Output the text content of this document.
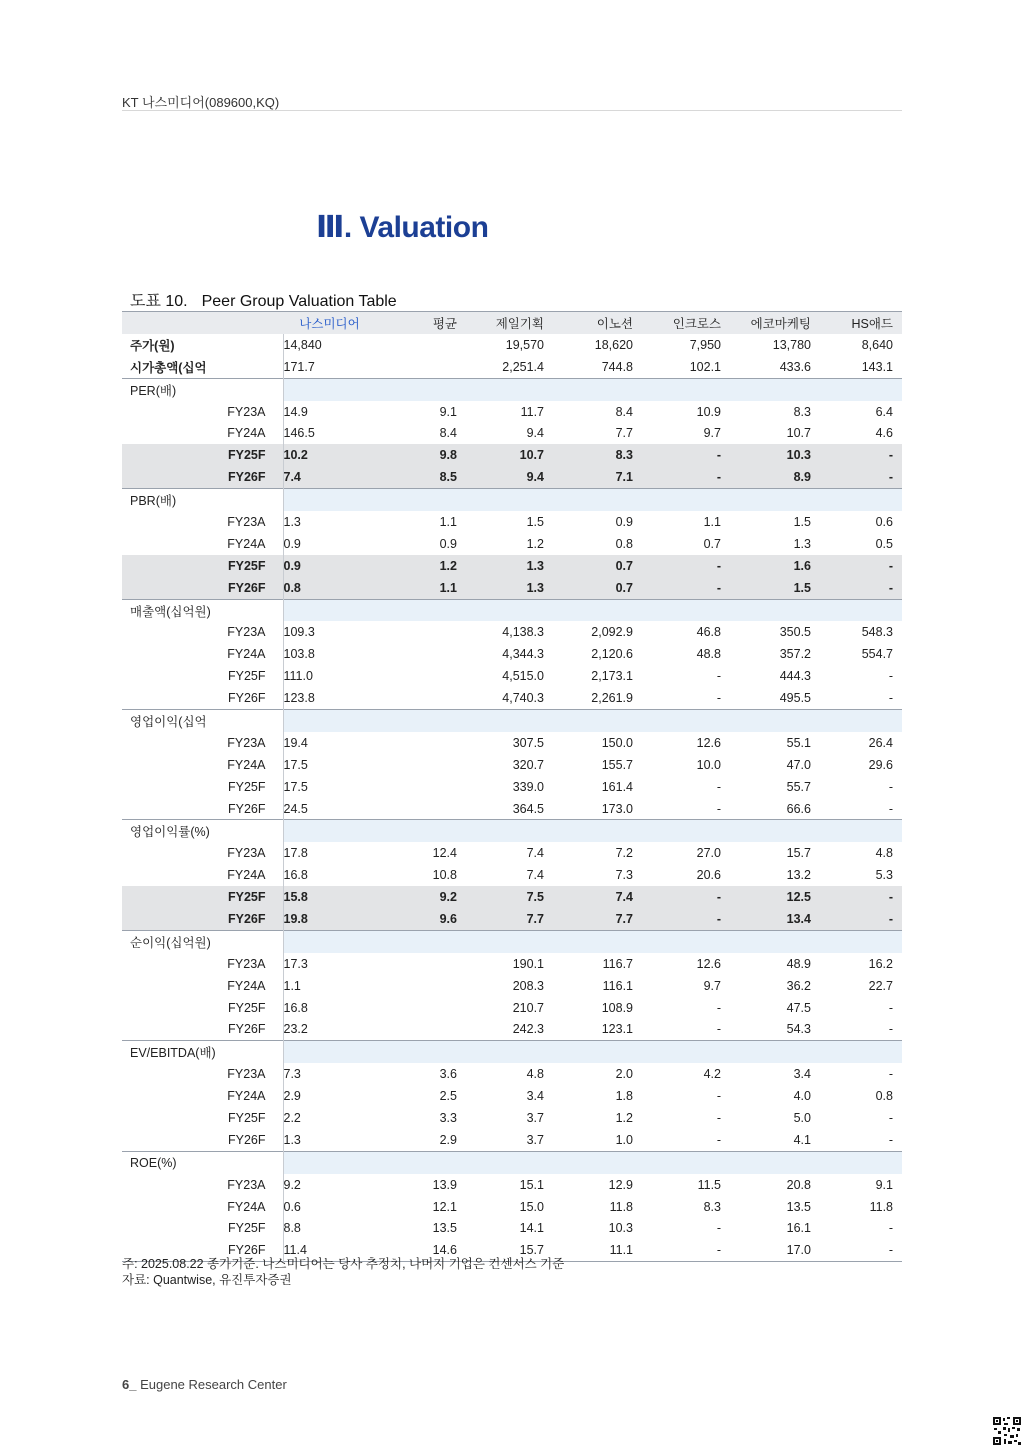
KT 나스미디어(089600,KQ)
Ⅲ. Valuation
도표 10. Peer Group Valuation Table
	나스미디어	평균	제일기획	이노션	인크로스	에코마케팅	HS애드
주가(원)	14,840		19,570	18,620	7,950	13,780	8,640
시가총액(십억	171.7		2,251.4	744.8	102.1	433.6	143.1
PER(배)							
FY23A	14.9	9.1	11.7	8.4	10.9	8.3	6.4
FY24A	146.5	8.4	9.4	7.7	9.7	10.7	4.6
FY25F	10.2	9.8	10.7	8.3	-	10.3	-
FY26F	7.4	8.5	9.4	7.1	-	8.9	-
PBR(배)							
FY23A	1.3	1.1	1.5	0.9	1.1	1.5	0.6
FY24A	0.9	0.9	1.2	0.8	0.7	1.3	0.5
FY25F	0.9	1.2	1.3	0.7	-	1.6	-
FY26F	0.8	1.1	1.3	0.7	-	1.5	-
매출액(십억원)							
FY23A	109.3		4,138.3	2,092.9	46.8	350.5	548.3
FY24A	103.8		4,344.3	2,120.6	48.8	357.2	554.7
FY25F	111.0		4,515.0	2,173.1	-	444.3	-
FY26F	123.8		4,740.3	2,261.9	-	495.5	-
영업이익(십억							
FY23A	19.4		307.5	150.0	12.6	55.1	26.4
FY24A	17.5		320.7	155.7	10.0	47.0	29.6
FY25F	17.5		339.0	161.4	-	55.7	-
FY26F	24.5		364.5	173.0	-	66.6	-
영업이익률(%)							
FY23A	17.8	12.4	7.4	7.2	27.0	15.7	4.8
FY24A	16.8	10.8	7.4	7.3	20.6	13.2	5.3
FY25F	15.8	9.2	7.5	7.4	-	12.5	-
FY26F	19.8	9.6	7.7	7.7	-	13.4	-
순이익(십억원)							
FY23A	17.3		190.1	116.7	12.6	48.9	16.2
FY24A	1.1		208.3	116.1	9.7	36.2	22.7
FY25F	16.8		210.7	108.9	-	47.5	-
FY26F	23.2		242.3	123.1	-	54.3	-
EV/EBITDA(배)							
FY23A	7.3	3.6	4.8	2.0	4.2	3.4	-
FY24A	2.9	2.5	3.4	1.8	-	4.0	0.8
FY25F	2.2	3.3	3.7	1.2	-	5.0	-
FY26F	1.3	2.9	3.7	1.0	-	4.1	-
ROE(%)							
FY23A	9.2	13.9	15.1	12.9	11.5	20.8	9.1
FY24A	0.6	12.1	15.0	11.8	8.3	13.5	11.8
FY25F	8.8	13.5	14.1	10.3	-	16.1	-
FY26F	11.4	14.6	15.7	11.1	-	17.0	-
주: 2025.08.22 종가기준. 나스미디어는 당사 추정치, 나머지 기업은 컨센서스 기준
자료: Quantwise, 유진투자증권
6_ Eugene Research Center
